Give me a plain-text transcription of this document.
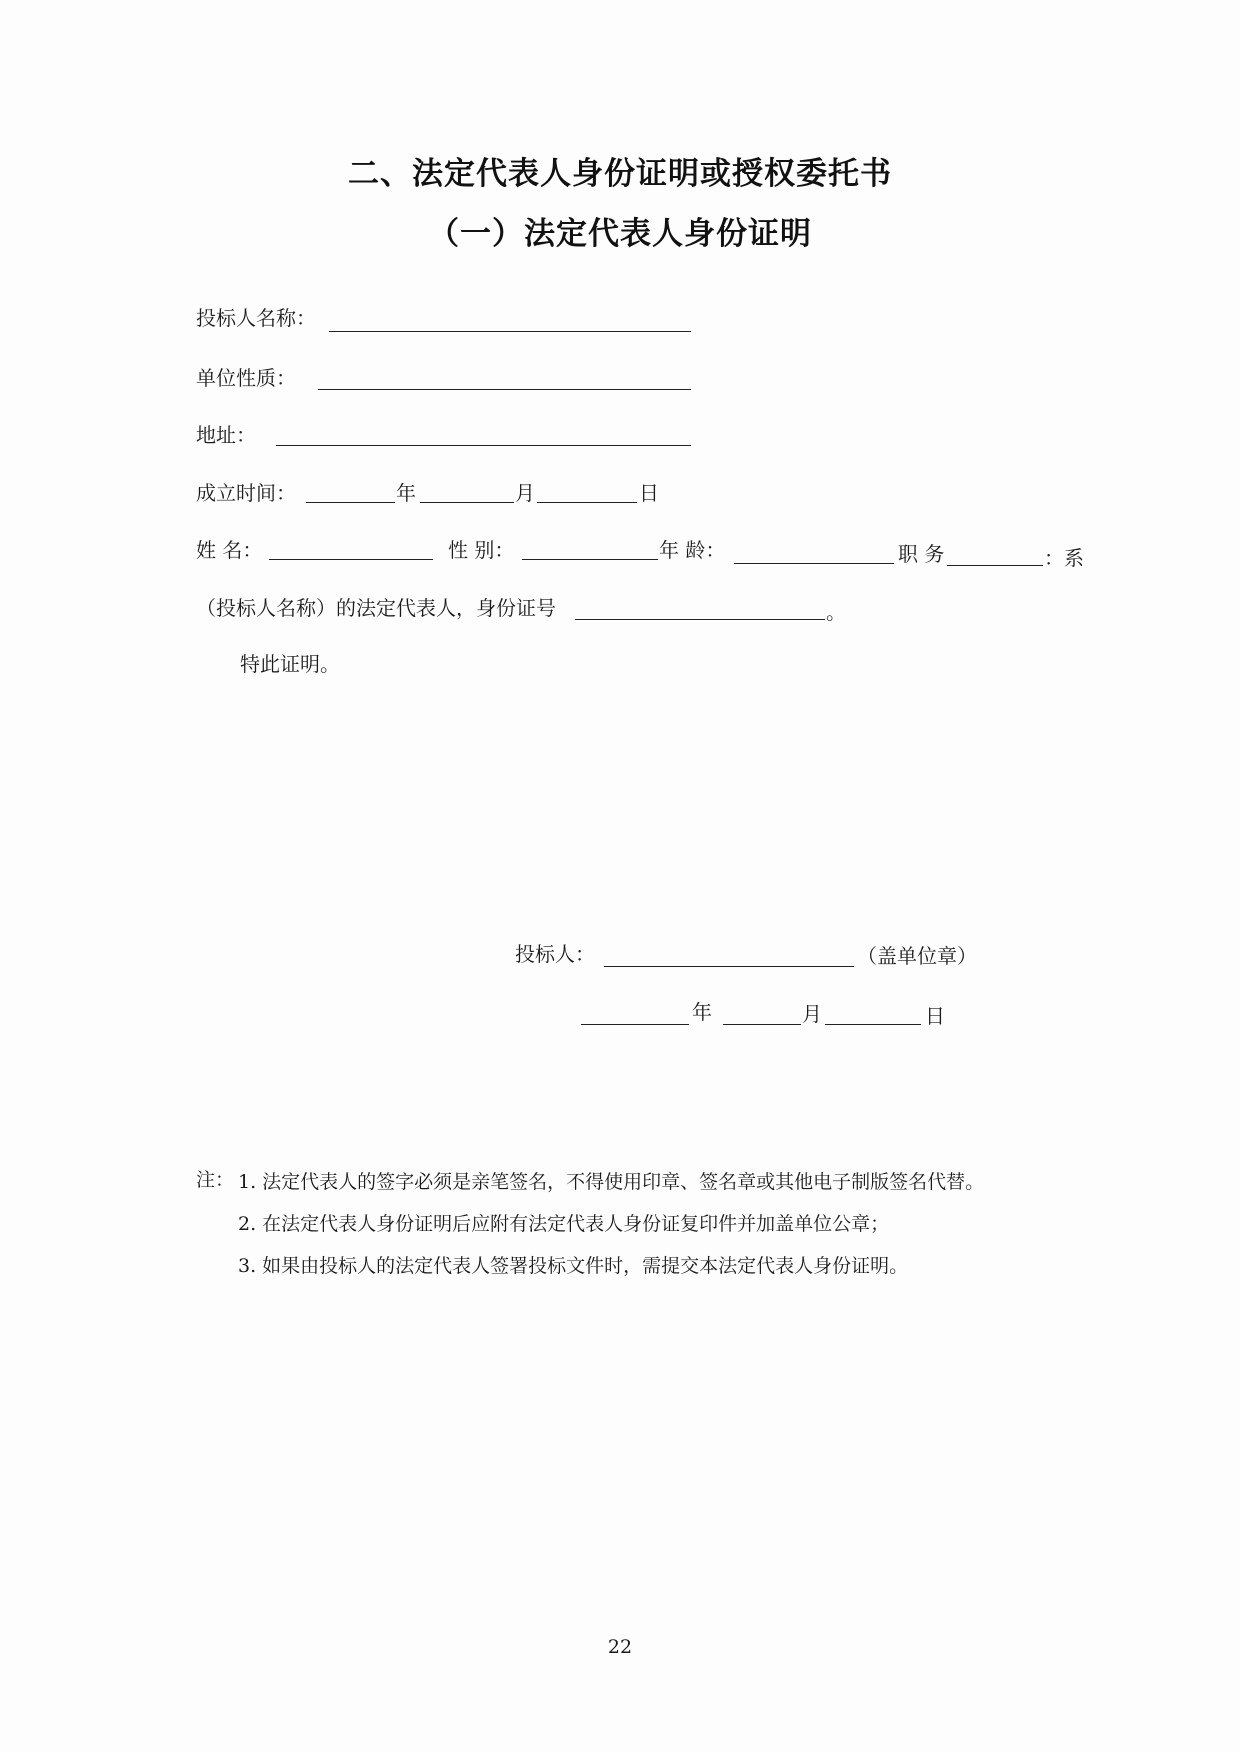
二、法定代表人身份证明或授权委托书
（一）法定代表人身份证明
投标人名称：
单位性质：
地址：
成立时间：	年	月	日
姓 名：	性 别：	年 龄：	职 务	：系
（投标人名称）的法定代表人，身份证号	。
特此证明。
投标人：	（盖单位章）
年	月	日
注： 1. 法定代表人的签字必须是亲笔签名，不得使用印章、签名章或其他电子制版签名代替。
2. 在法定代表人身份证明后应附有法定代表人身份证复印件并加盖单位公章；
3. 如果由投标人的法定代表人签署投标文件时，需提交本法定代表人身份证明。
22
